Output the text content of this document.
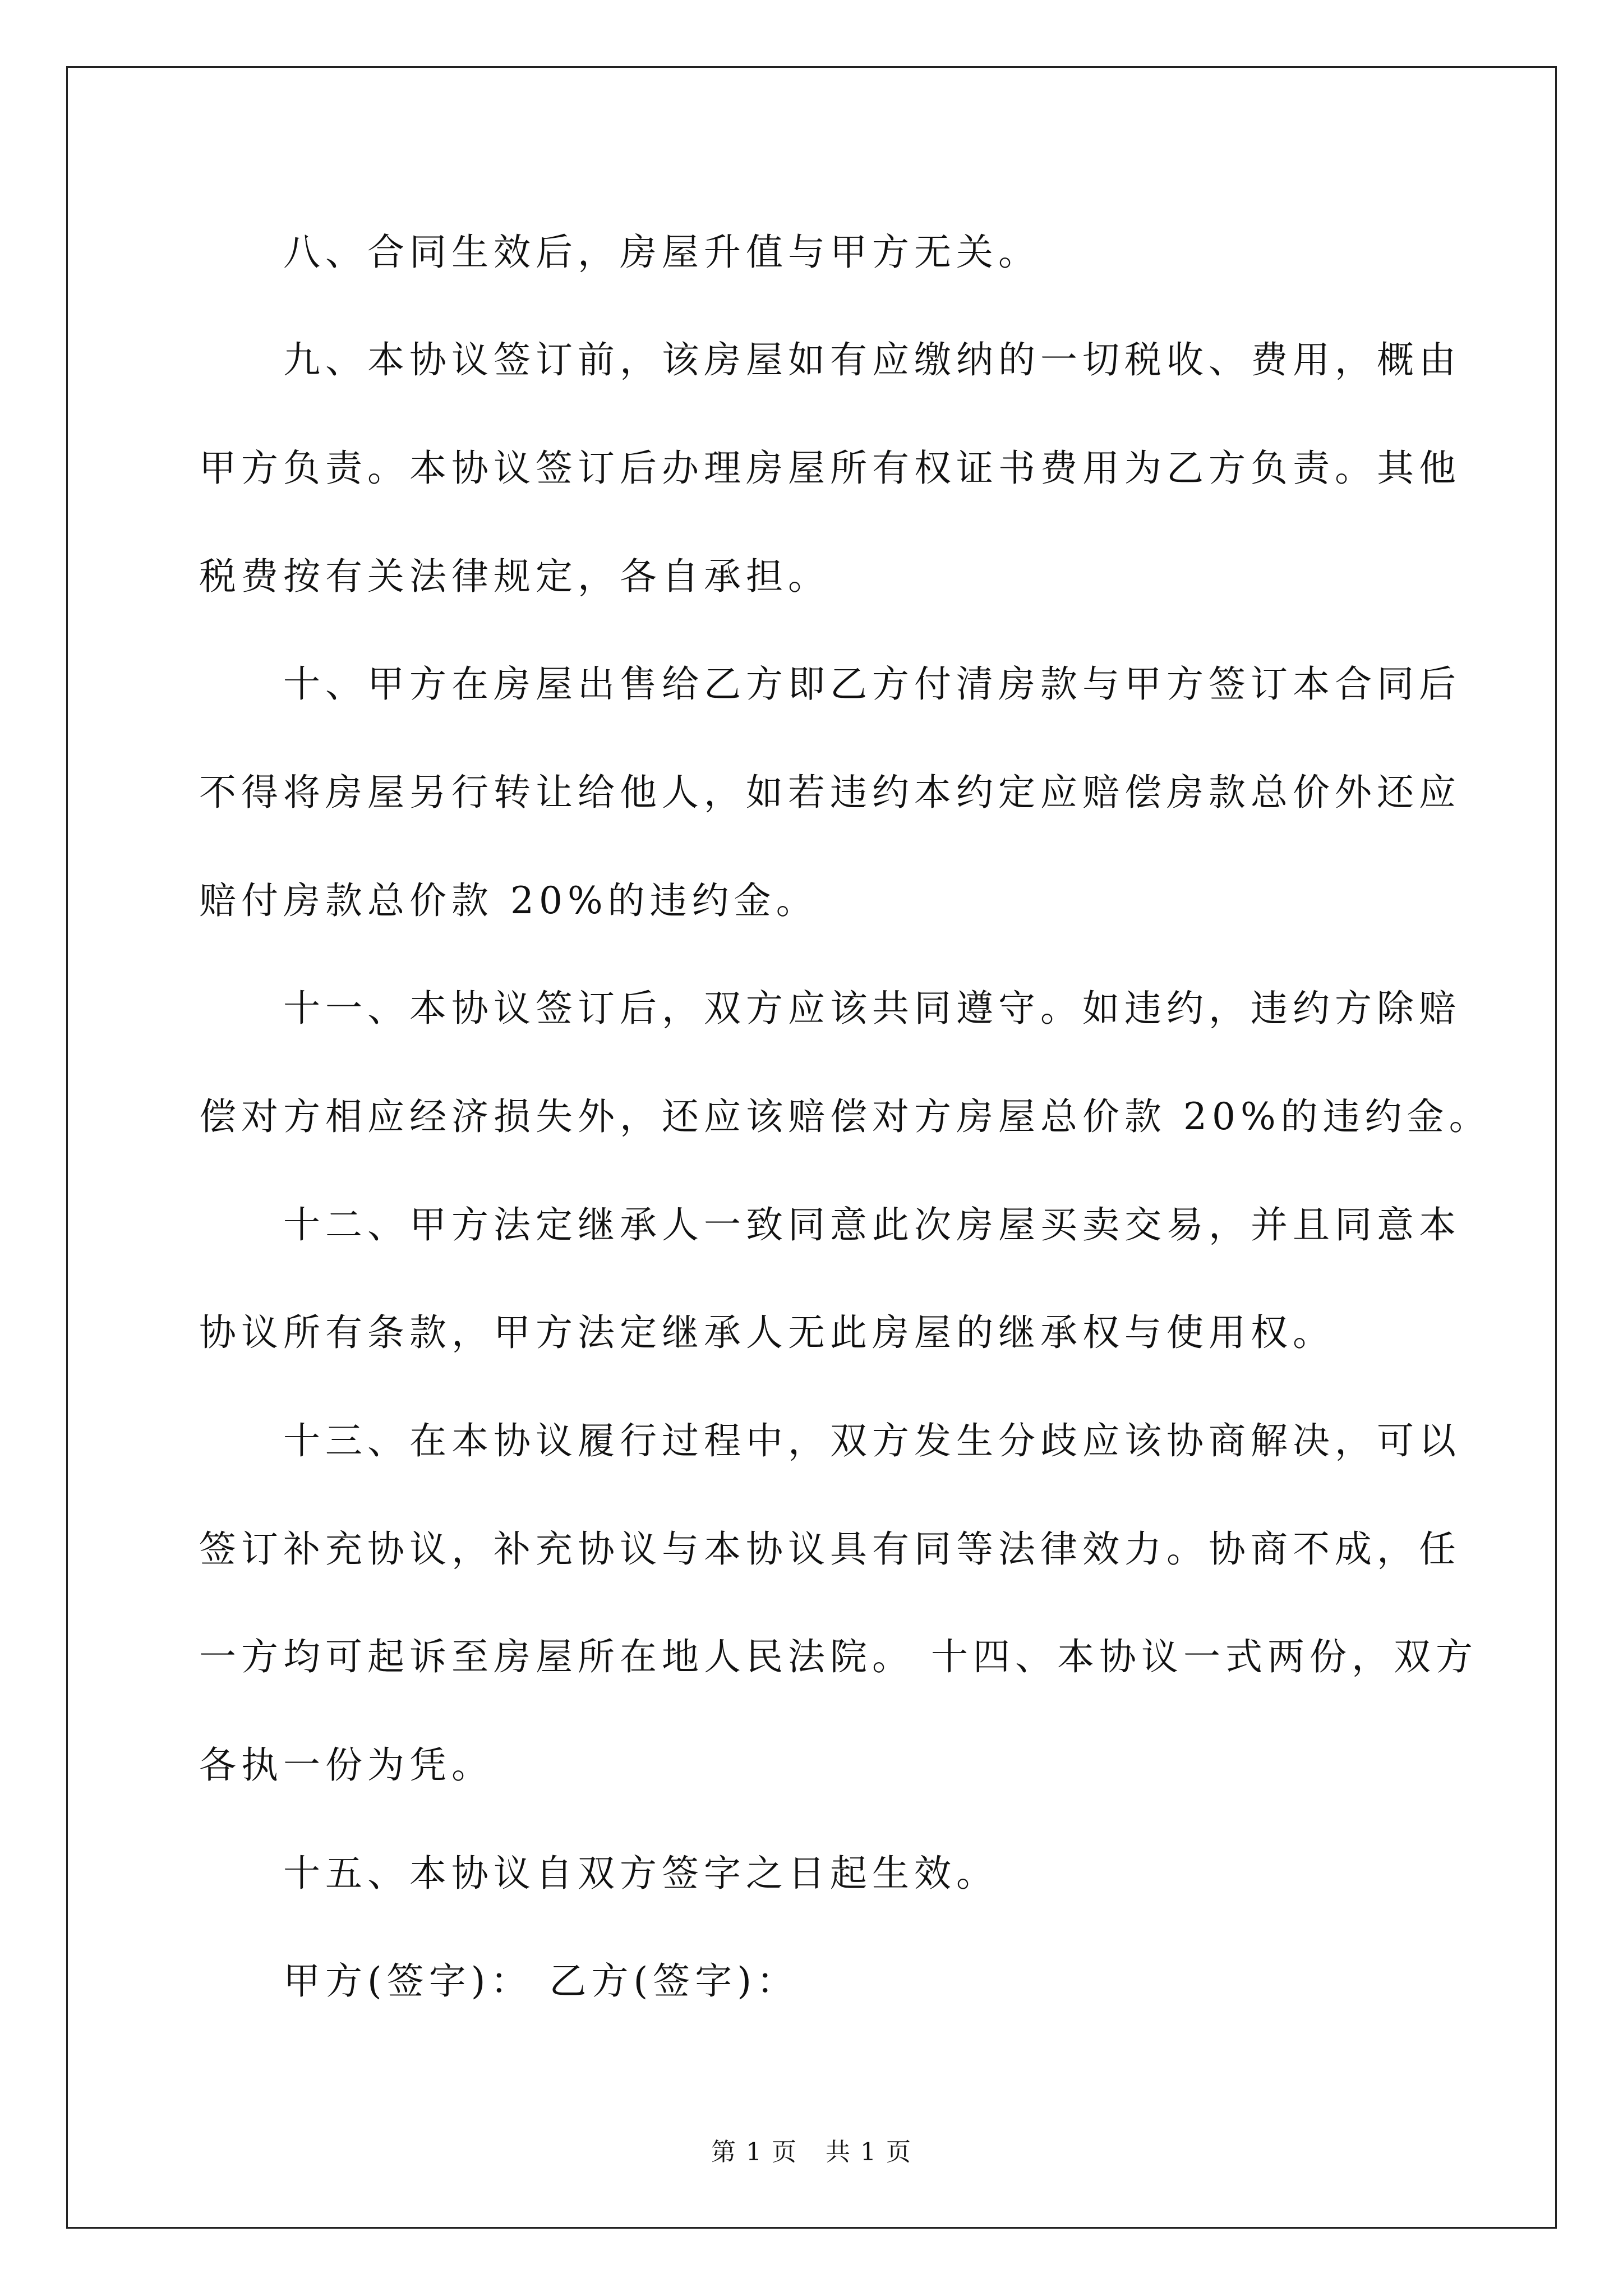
八、合同生效后，房屋升值与甲方无关。
九、本协议签订前，该房屋如有应缴纳的一切税收、费用，概由
甲方负责。本协议签订后办理房屋所有权证书费用为乙方负责。其他
税费按有关法律规定，各自承担。
十、甲方在房屋出售给乙方即乙方付清房款与甲方签订本合同后
不得将房屋另行转让给他人，如若违约本约定应赔偿房款总价外还应
赔付房款总价款 20%的违约金。
十一、本协议签订后，双方应该共同遵守。如违约，违约方除赔
偿对方相应经济损失外，还应该赔偿对方房屋总价款 20%的违约金。
十二、甲方法定继承人一致同意此次房屋买卖交易，并且同意本
协议所有条款，甲方法定继承人无此房屋的继承权与使用权。
十三、在本协议履行过程中，双方发生分歧应该协商解决，可以
签订补充协议，补充协议与本协议具有同等法律效力。协商不成，任
一方均可起诉至房屋所在地人民法院。 十四、本协议一式两份，双方
各执一份为凭。
十五、本协议自双方签字之日起生效。
甲方(签字)： 乙方(签字)：
第 1 页 共 1 页
